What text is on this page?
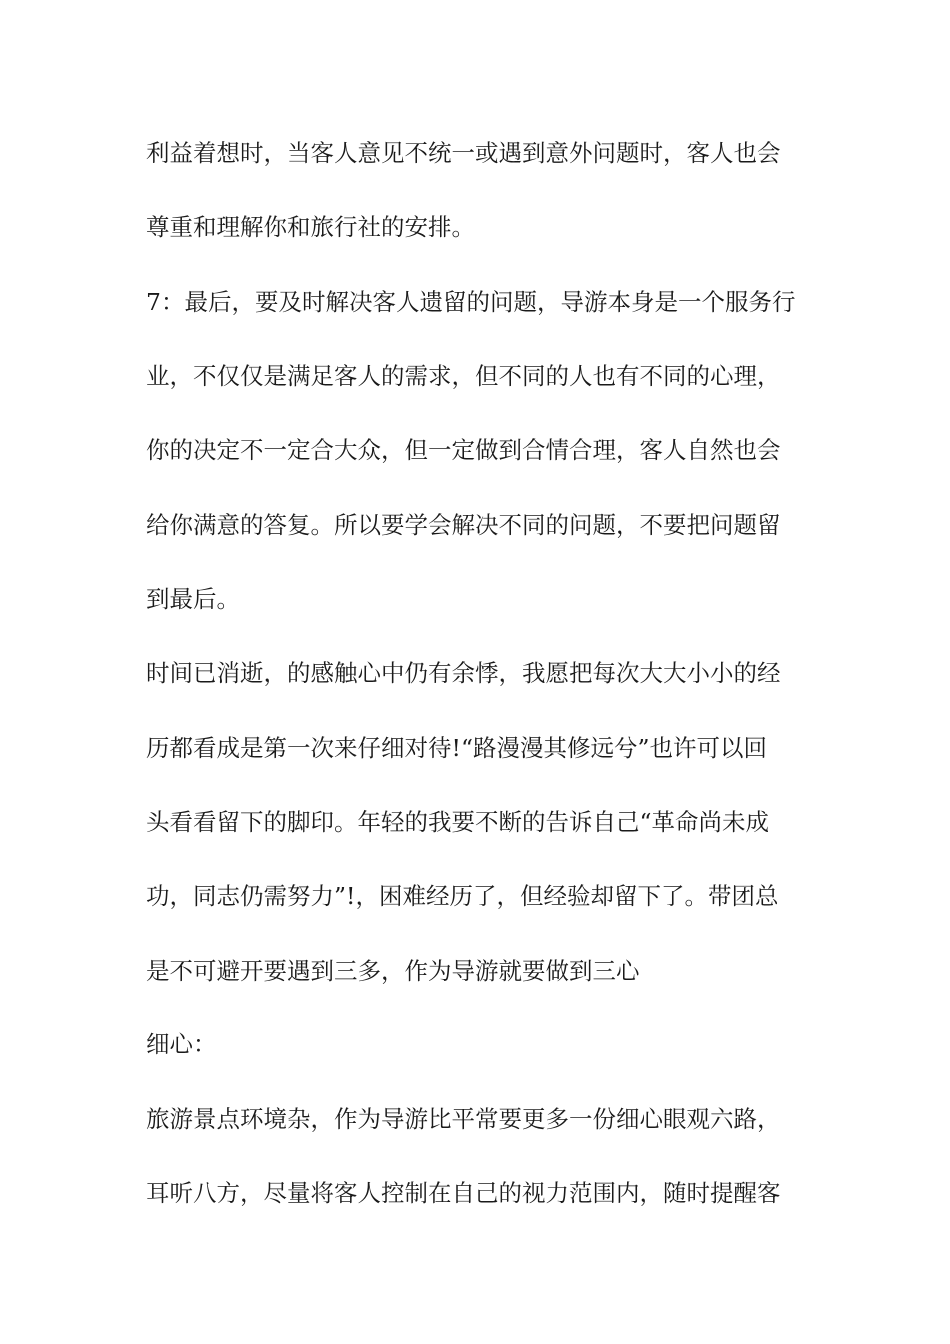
利益着想时，当客人意见不统一或遇到意外问题时，客人也会
尊重和理解你和旅行社的安排。
7：最后，要及时解决客人遗留的问题，导游本身是一个服务行
业，不仅仅是满足客人的需求，但不同的人也有不同的心理，
你的决定不一定合大众，但一定做到合情合理，客人自然也会
给你满意的答复。所以要学会解决不同的问题，不要把问题留
到最后。
时间已消逝，的感触心中仍有余悸，我愿把每次大大小小的经
历都看成是第一次来仔细对待!“路漫漫其修远兮”也许可以回
头看看留下的脚印。年轻的我要不断的告诉自己“革命尚未成
功，同志仍需努力”!，困难经历了，但经验却留下了。带团总
是不可避开要遇到三多，作为导游就要做到三心
细心：
旅游景点环境杂，作为导游比平常要更多一份细心眼观六路，
耳听八方，尽量将客人控制在自己的视力范围内，随时提醒客
